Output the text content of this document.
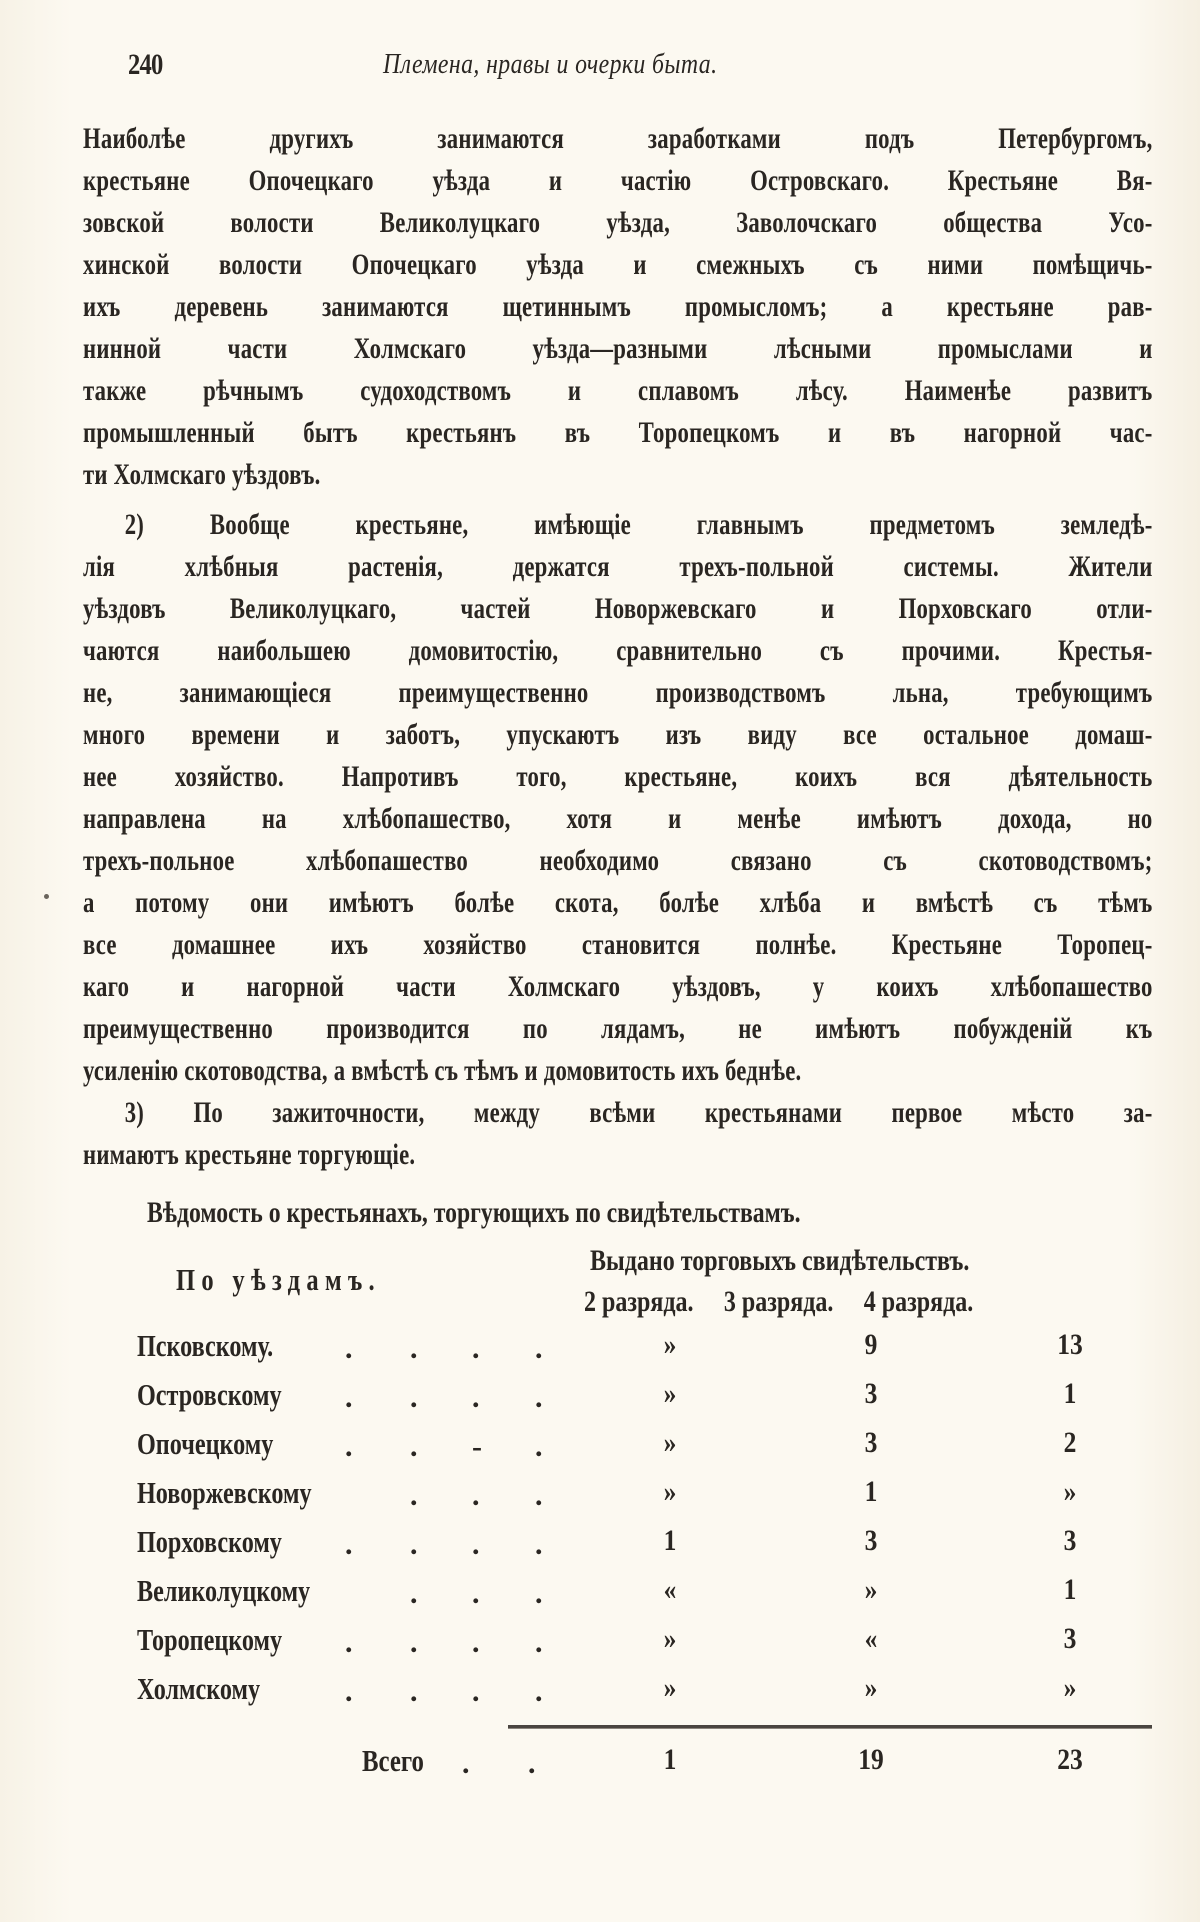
240	Племена, нравы и очерки быта.
Наиболѣе другихъ занимаются заработками подъ Петербургомъ,
крестьяне Опочецкаго уѣзда и частію Островскаго. Крестьяне Вя-
зовской волости Великолуцкаго уѣзда, Заволочскаго общества Усо-
хинской волости Опочецкаго уѣзда и смежныхъ съ ними помѣщичь-
ихъ деревень занимаются щетиннымъ промысломъ; а крестьяне рав-
нинной части Холмскаго уѣзда—разными лѣсными промыслами и
также рѣчнымъ судоходствомъ и сплавомъ лѣсу. Наименѣе развитъ
промышленный бытъ крестьянъ въ Торопецкомъ и въ нагорной час-
ти Холмскаго уѣздовъ.
2) Вообще крестьяне, имѣющіе главнымъ предметомъ земледѣ-
лія хлѣбныя растенія, держатся трехъ-польной системы. Жители
уѣздовъ Великолуцкаго, частей Новоржевскаго и Порховскаго отли-
чаются наибольшею домовитостію, сравнительно съ прочими. Крестья-
не, занимающіеся преимущественно производствомъ льна, требующимъ
много времени и заботъ, упускаютъ изъ виду все остальное домаш-
нее хозяйство. Напротивъ того, крестьяне, коихъ вся дѣятельность
направлена на хлѣбопашество, хотя и менѣе имѣютъ дохода, но
трехъ-польное хлѣбопашество необходимо связано съ скотоводствомъ;
а потому они имѣютъ болѣе скота, болѣе хлѣба и вмѣстѣ съ тѣмъ
все домашнее ихъ хозяйство становится полнѣе. Крестьяне Торопец-
каго и нагорной части Холмскаго уѣздовъ, у коихъ хлѣбопашество
преимущественно производится по лядамъ, не имѣютъ побужденій къ
усиленію скотоводства, а вмѣстѣ съ тѣмъ и домовитость ихъ беднѣе.
3) По зажиточности, между всѣми крестьянами первое мѣсто за-
нимаютъ крестьяне торгующіе.
Вѣдомость о крестьянахъ, торгующихъ по свидѣтельствамъ.
По уѣздамъ.
Выдано торговыхъ свидѣтельствъ.
2 разряда. 3 разряда. 4 разряда.
Псковскому. . . . .	»	9	13
Островскому . . . .	»	3	1
Опочецкому . . - .	»	3	2
Новоржевскому	. . .	»	1	»
Порховскому . . . .	1	3	3
Великолуцкому	. . .	«	»	1
Торопецкому . . . .	»	«	3
Холмскому	. . . .	»	»	»
Всего . .	1	19	23
